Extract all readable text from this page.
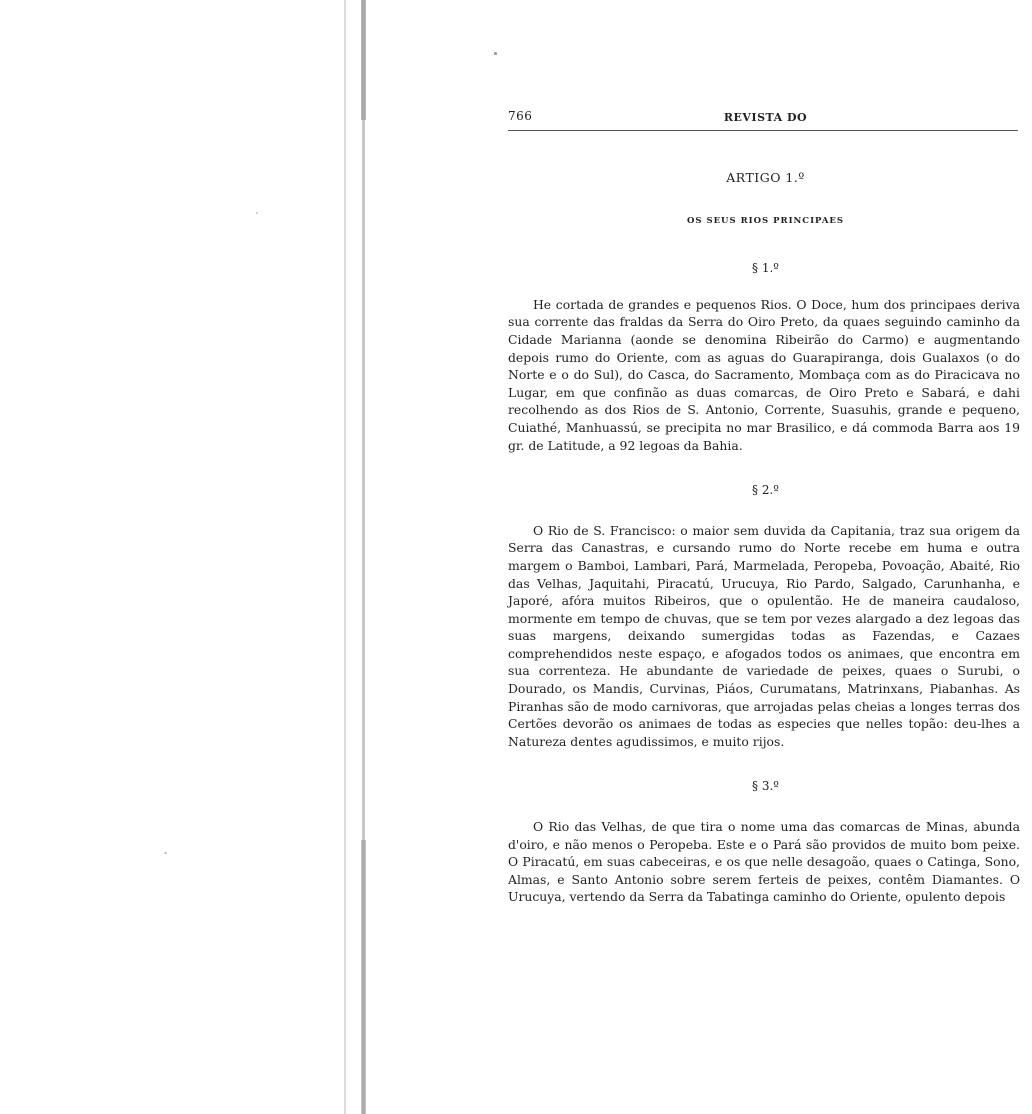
766	REVISTA DO
ARTIGO 1.º
OS SEUS RIOS PRINCIPAES
§ 1.º

He cortada de grandes e pequenos Rios. O Doce, hum dos principaes deriva sua corrente das fraldas da Serra do Oiro Preto, da quaes seguindo caminho da Cidade Marianna (aonde se denomina Ribeirão do Carmo) e augmentando depois rumo do Oriente, com as aguas do Guarapiranga, dois Gualaxos (o do Norte e o do Sul), do Casca, do Sacramento, Mombaça com as do Piracicava no Lugar, em que confinão as duas comarcas, de Oiro Preto e Sabará, e dahi recolhendo as dos Rios de S. Antonio, Corrente, Suasuhis, grande e pequeno, Cuiathé, Manhuassú, se precipita no mar Brasilico, e dá commoda Barra aos 19 gr. de Latitude, a 92 legoas da Bahia.

§ 2.º

O Rio de S. Francisco: o maior sem duvida da Capitania, traz sua origem da Serra das Canastras, e cursando rumo do Norte recebe em huma e outra margem o Bamboi, Lambari, Pará, Marmelada, Peropeba, Povoação, Abaité, Rio das Velhas, Jaquitahi, Piracatú, Urucuya, Rio Pardo, Salgado, Carunhanha, e Japoré, afóra muitos Ribeiros, que o opulentão. He de maneira caudaloso, mormente em tempo de chuvas, que se tem por vezes alargado a dez legoas das suas margens, deixando sumergidas todas as Fazendas, e Cazaes comprehendidos neste espaço, e afogados todos os animaes, que encontra em sua correnteza. He abundante de variedade de peixes, quaes o Surubi, o Dourado, os Mandis, Curvinas, Piáos, Curumatans, Matrinxans, Piabanhas. As Piranhas são de modo carnivoras, que arrojadas pelas cheias a longes terras dos Certões devorão os animaes de todas as especies que nelles topão: deu-lhes a Natureza dentes agudissimos, e muito rijos.

§ 3.º

O Rio das Velhas, de que tira o nome uma das comarcas de Minas, abunda d'oiro, e não menos o Peropeba. Este e o Pará são providos de muito bom peixe. O Piracatú, em suas cabeceiras, e os que nelle desagoão, quaes o Catinga, Sono, Almas, e Santo Antonio sobre serem ferteis de peixes, contêm Diamantes. O Urucuya, vertendo da Serra da Tabatinga caminho do Oriente, opulento depois
